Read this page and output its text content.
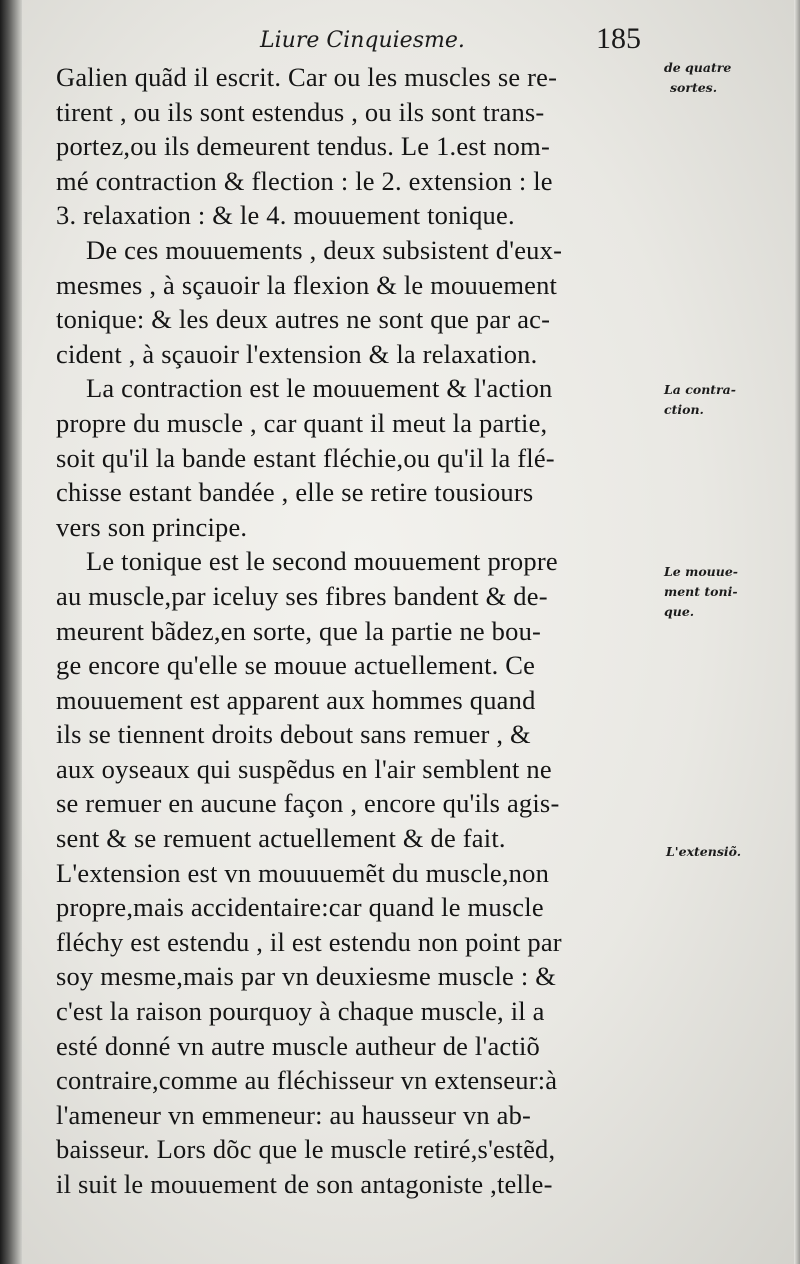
Liure Cinquiesme.	185
Galien quãd il escrit. Car ou les muscles se re-
tirent , ou ils sont estendus , ou ils sont trans-
portez,ou ils demeurent tendus. Le 1.est nom-
mé contraction & flection : le 2. extension : le
3. relaxation : & le 4. mouuement tonique.
De ces mouuements , deux subsistent d'eux-
mesmes , à sçauoir la flexion & le mouuement
tonique: & les deux autres ne sont que par ac-
cident , à sçauoir l'extension & la relaxation.
La contraction est le mouuement & l'action
propre du muscle , car quant il meut la partie,
soit qu'il la bande estant fléchie,ou qu'il la flé-
chisse estant bandée , elle se retire tousiours
vers son principe.
Le tonique est le second mouuement propre
au muscle,par iceluy ses fibres bandent & de-
meurent bãdez,en sorte, que la partie ne bou-
ge encore qu'elle se mouue actuellement. Ce
mouuement est apparent aux hommes quand
ils se tiennent droits debout sans remuer , &
aux oyseaux qui suspẽdus en l'air semblent ne
se remuer en aucune façon , encore qu'ils agis-
sent & se remuent actuellement & de fait.
L'extension est vn mouuuemẽt du muscle,non
propre,mais accidentaire:car quand le muscle
fléchy est estendu , il est estendu non point par
soy mesme,mais par vn deuxiesme muscle : &
c'est la raison pourquoy à chaque muscle, il a
esté donné vn autre muscle autheur de l'actiõ
contraire,comme au fléchisseur vn extenseur:à
l'ameneur vn emmeneur: au hausseur vn ab-
baisseur. Lors dõc que le muscle retiré,s'estẽd,
il suit le mouuement de son antagoniste ,telle-
de quatre
sortes.
La contra-
ction.
Le mouue-
ment toni-
que.
L'extensiõ.
